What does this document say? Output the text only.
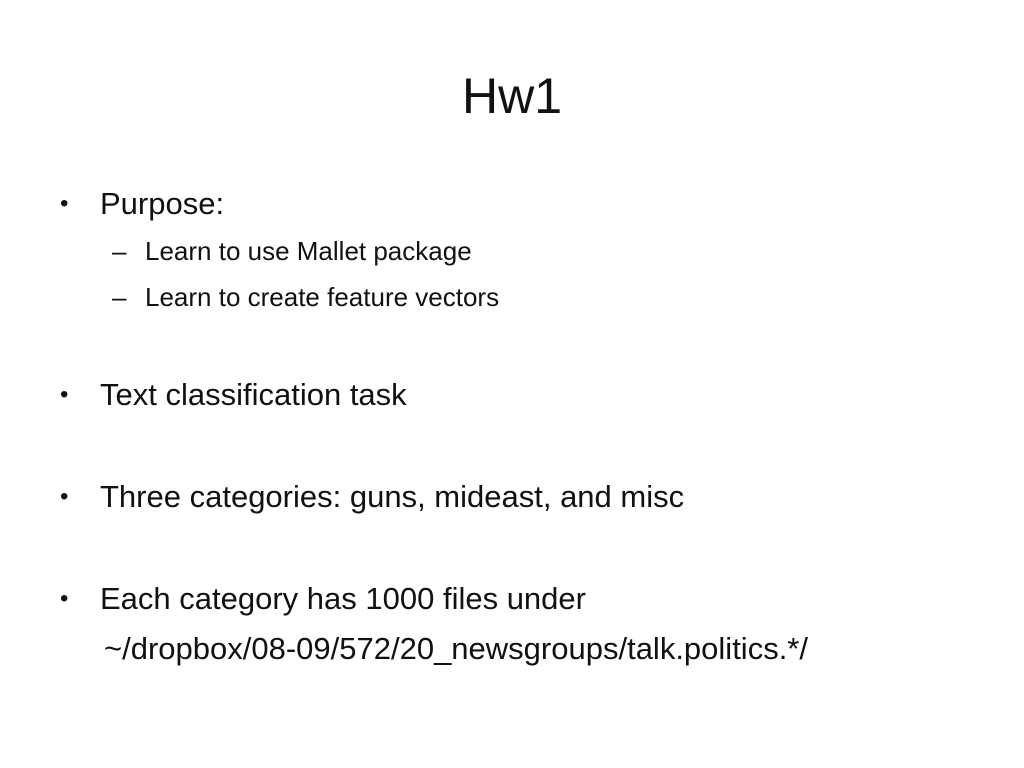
Hw1
•	Purpose:
– Learn to use Mallet package
– Learn to create feature vectors
•	Text classification task
•	Three categories: guns, mideast, and misc
•	Each category has 1000 files under
~/dropbox/08-09/572/20_newsgroups/talk.politics.*/
